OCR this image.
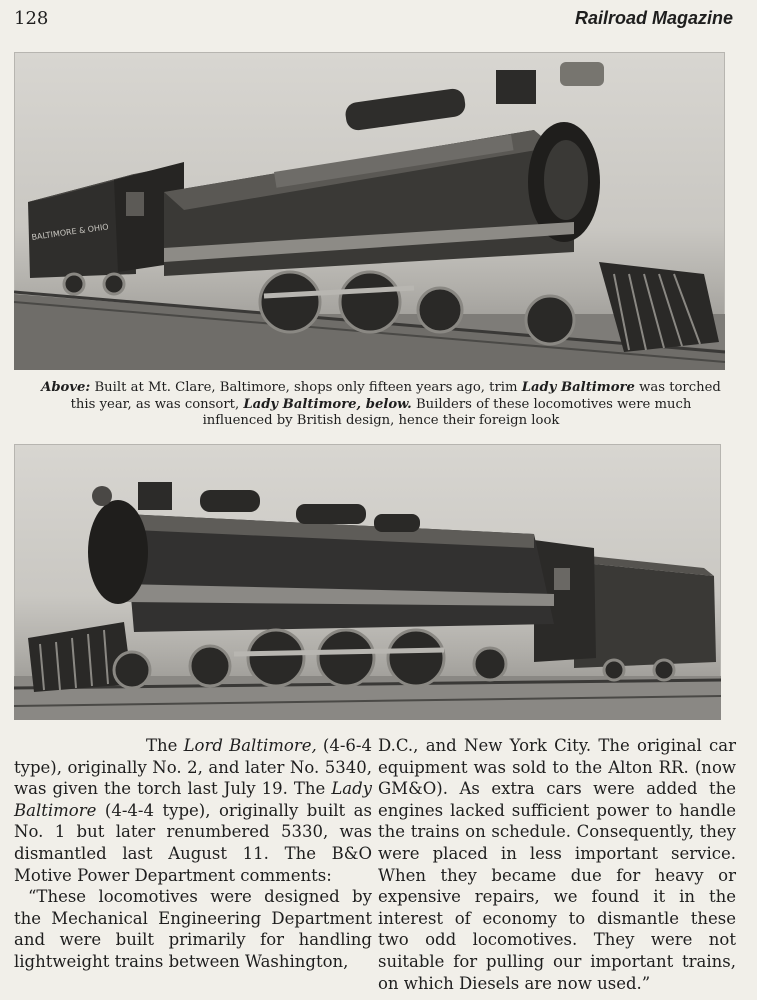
128	Railroad Magazine
BALTIMORE & OHIO
Above: Built at Mt. Clare, Baltimore, shops only fifteen years ago, trim Lady Baltimore was torched this year, as was consort, Lady Baltimore, below. Builders of these locomotives were much influenced by British design, hence their foreign look

The Lord Baltimore, (4-6-4 type), originally No. 2, and later No. 5340, was given the torch last July 19. The Lady Baltimore (4-4-4 type), originally built as No. 1 but later renumbered 5330, was dismantled last August 11. The B&O Motive Power Department comments:

“These locomotives were designed by the Mechanical Engineering Department and were built primarily for handling lightweight trains between Washington,

D.C., and New York City. The original car equipment was sold to the Alton RR. (now GM&O). As extra cars were added the engines lacked sufficient power to handle the trains on schedule. Consequently, they were placed in less important service. When they became due for heavy or expensive repairs, we found it in the interest of economy to dismantle these two odd locomotives. They were not suitable for pulling our important trains, on which Diesels are now used.”
